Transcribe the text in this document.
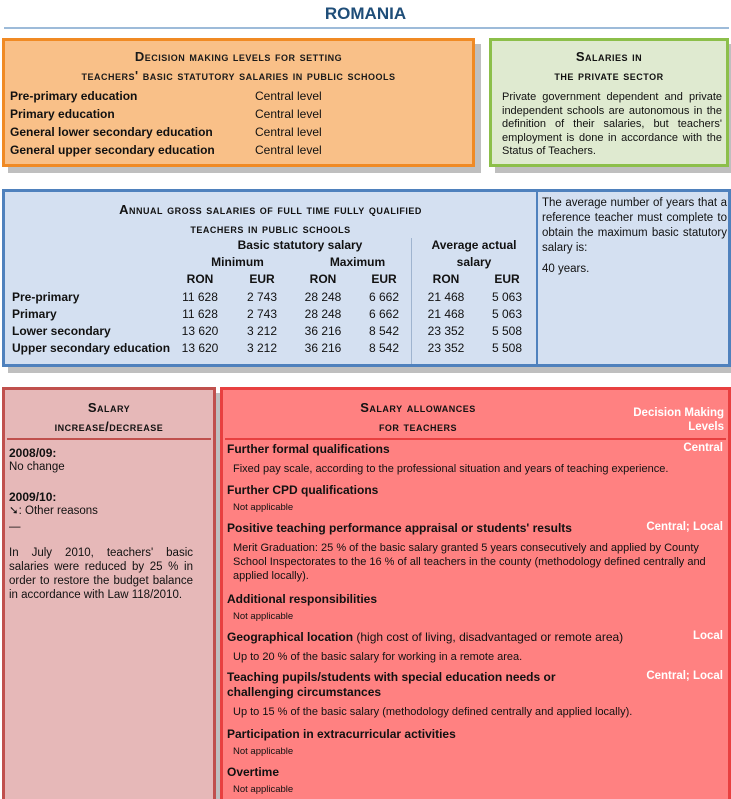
ROMANIA
Decision making levels for setting
teachers' basic statutory salaries in public schools
Pre-primary education	Central level
Primary education	Central level
General lower secondary education	Central level
General upper secondary education	Central level
Salaries in
the private sector
Private government dependent and private independent schools are autonomous in the definition of their salaries, but teachers' employment is done in accordance with the Status of Teachers.
Annual gross salaries of full time fully qualified
teachers in public schools
Basic statutory salary
Minimum	Maximum
Average actual
salary
RON	EUR	RON	EUR	RON	EUR
Pre-primary	11 628	2 743	28 248	6 662	21 468	5 063
Primary	11 628	2 743	28 248	6 662	21 468	5 063
Lower secondary	13 620	3 212	36 216	8 542	23 352	5 508
Upper secondary education 13 620	3 212	36 216	8 542	23 352	5 508

The average number of years that a reference teacher must complete to obtain the maximum basic statutory salary is:

40 years.

Salary
increase/decrease
2008/09:
No change
2009/10:
➘: Other reasons
—
In July 2010, teachers' basic salaries were reduced by 25 % in order to restore the budget balance in accordance with Law 118/2010.
Salary allowances
for teachers
Decision Making
Levels
Further formal qualifications	Central
Fixed pay scale, according to the professional situation and years of teaching experience.
Further CPD qualifications
Not applicable
Positive teaching performance appraisal or students' results	Central; Local
Merit Graduation: 25 % of the basic salary granted 5 years consecutively and applied by County School Inspectorates to the 16 % of all teachers in the county (methodology defined centrally and applied locally).
Additional responsibilities
Not applicable
Geographical location (high cost of living, disadvantaged or remote area)	Local
Up to 20 % of the basic salary for working in a remote area.
Teaching pupils/students with special education needs or challenging circumstances
Central; Local
Up to 15 % of the basic salary (methodology defined centrally and applied locally).
Participation in extracurricular activities
Not applicable
Overtime
Not applicable
